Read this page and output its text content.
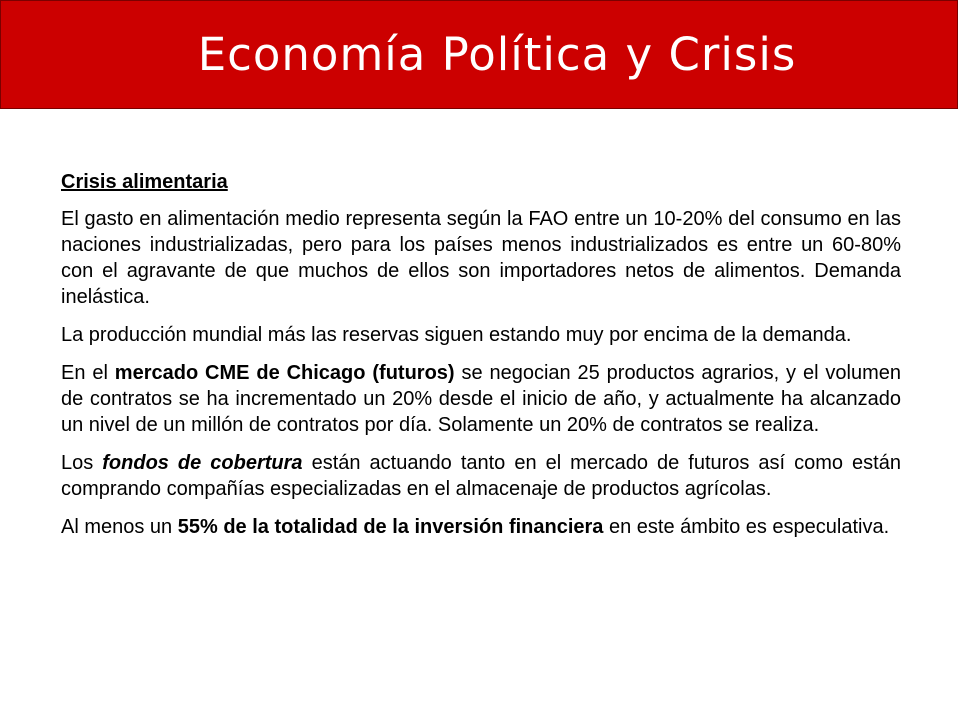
Economía Política y Crisis
Crisis alimentaria
El gasto en alimentación medio representa según la FAO entre un 10-20% del consumo en las naciones industrializadas, pero para los países menos industrializados es entre un 60-80% con el agravante de que muchos de ellos son importadores netos de alimentos. Demanda inelástica.
La producción mundial más las reservas siguen estando muy por encima de la demanda.
En el mercado CME de Chicago (futuros) se negocian 25 productos agrarios, y el volumen de contratos se ha incrementado un 20% desde el inicio de año, y actualmente ha alcanzado un nivel de un millón de contratos por día. Solamente un 20% de contratos se realiza.
Los fondos de cobertura están actuando tanto en el mercado de futuros así como están comprando compañías especializadas en el almacenaje de productos agrícolas.
Al menos un 55% de la totalidad de la inversión financiera en este ámbito es especulativa.
